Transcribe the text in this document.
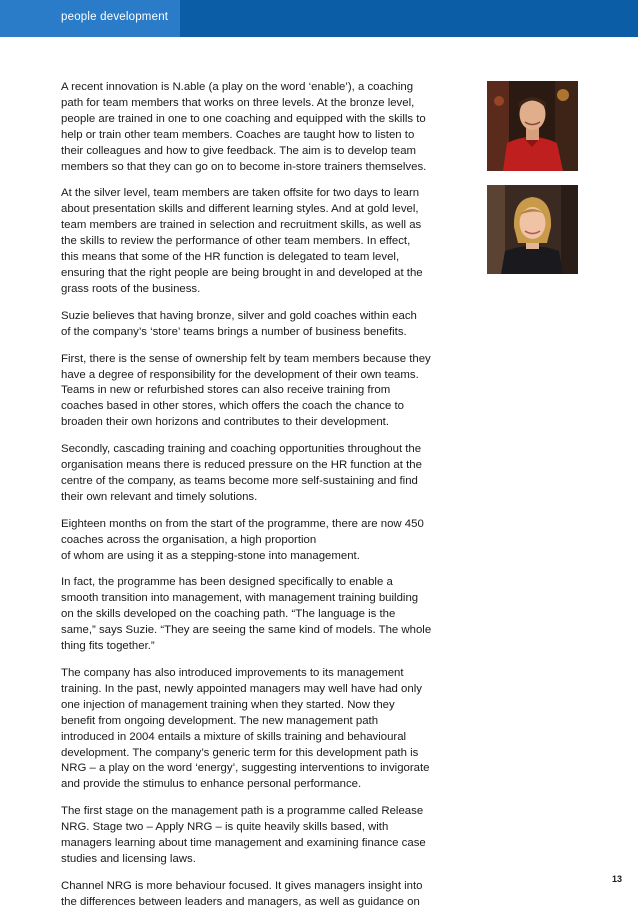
people development

A recent innovation is N.able (a play on the word ‘enable’), a coaching
path for team members that works on three levels. At the bronze level,
people are trained in one to one coaching and equipped with the skills to
help or train other team members. Coaches are taught how to listen to
their colleagues and how to give feedback. The aim is to develop team
members so that they can go on to become in-store trainers themselves.

At the silver level, team members are taken offsite for two days to learn
about presentation skills and different learning styles. And at gold level,
team members are trained in selection and recruitment skills, as well as
the skills to review the performance of other team members. In effect,
this means that some of the HR function is delegated to team level,
ensuring that the right people are being brought in and developed at the
grass roots of the business.

Suzie believes that having bronze, silver and gold coaches within each
of the company’s ‘store’ teams brings a number of business benefits.

First, there is the sense of ownership felt by team members because they
have a degree of responsibility for the development of their own teams.
Teams in new or refurbished stores can also receive training from
coaches based in other stores, which offers the coach the chance to
broaden their own horizons and contributes to their development.

Secondly, cascading training and coaching opportunities throughout the
organisation means there is reduced pressure on the HR function at the
centre of the company, as teams become more self-sustaining and find
their own relevant and timely solutions.

Eighteen months on from the start of the programme, there are now 450
coaches across the organisation, a high proportion
of whom are using it as a stepping-stone into management.

In fact, the programme has been designed specifically to enable a
smooth transition into management, with management training building
on the skills developed on the coaching path. “The language is the
same,” says Suzie. “They are seeing the same kind of models. The whole
thing fits together.”

The company has also introduced improvements to its management
training. In the past, newly appointed managers may well have had only
one injection of management training when they started. Now they
benefit from ongoing development. The new management path
introduced in 2004 entails a mixture of skills training and behavioural
development. The company’s generic term for this development path is
NRG – a play on the word ‘energy’, suggesting interventions to invigorate
and provide the stimulus to enhance personal performance.

The first stage on the management path is a programme called Release
NRG. Stage two – Apply NRG – is quite heavily skills based, with
managers learning about time management and examining finance case
studies and licensing laws.

Channel NRG is more behaviour focused. It gives managers insight into
the differences between leaders and managers, as well as guidance on

13
